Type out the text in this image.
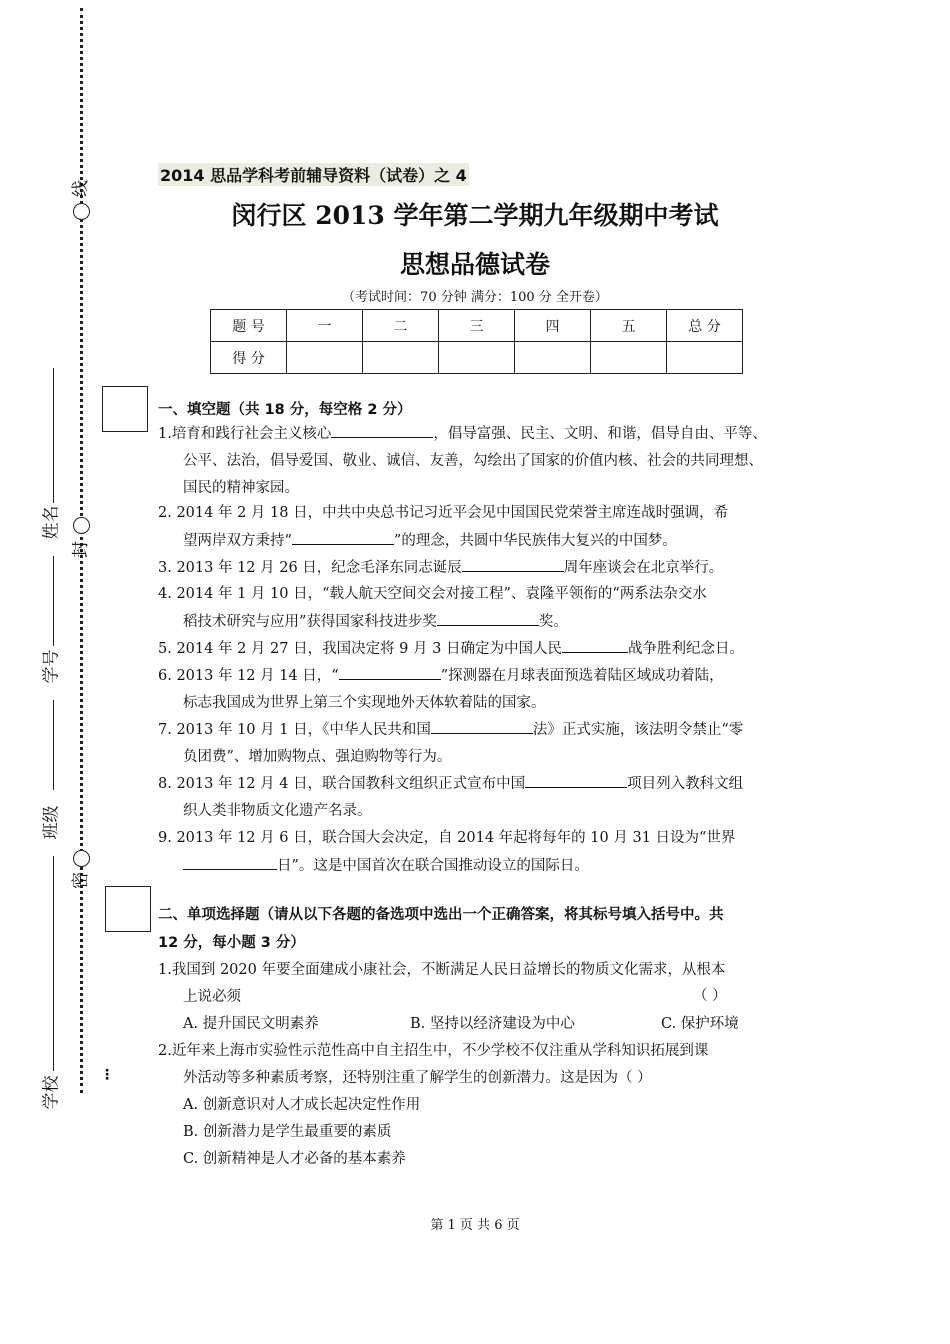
⋮
线
封
密
姓名
学号
班级
学校
2014 思品学科考前辅导资料（试卷）之 4
闵行区 2013 学年第二学期九年级期中考试
思想品德试卷
（考试时间：70 分钟 满分：100 分 全开卷）
题 号	一	二	三	四	五	总 分
得 分						
一、填空题（共 18 分，每空格 2 分）
1.培育和践行社会主义核心	，倡导富强、民主、文明、和谐，倡导自由、平等、
公平、法治，倡导爱国、敬业、诚信、友善，勾绘出了国家的价值内核、社会的共同理想、
国民的精神家园。
2. 2014 年 2 月 18 日，中共中央总书记习近平会见中国国民党荣誉主席连战时强调，希
望两岸双方秉持“	”的理念，共圆中华民族伟大复兴的中国梦。
3. 2013 年 12 月 26 日，纪念毛泽东同志诞辰	周年座谈会在北京举行。
4. 2014 年 1 月 10 日，“载人航天空间交会对接工程”、袁隆平领衔的“两系法杂交水
稻技术研究与应用”获得国家科技进步奖	奖。
5. 2014 年 2 月 27 日，我国决定将 9 月 3 日确定为中国人民	战争胜利纪念日。
6. 2013 年 12 月 14 日，“	”探测器在月球表面预选着陆区域成功着陆，
标志我国成为世界上第三个实现地外天体软着陆的国家。
7. 2013 年 10 月 1 日，《中华人民共和国	法》正式实施，该法明令禁止“零
负团费”、增加购物点、强迫购物等行为。
8. 2013 年 12 月 4 日，联合国教科文组织正式宣布中国	项目列入教科文组
织人类非物质文化遗产名录。
9. 2013 年 12 月 6 日，联合国大会决定，自 2014 年起将每年的 10 月 31 日设为“世界
日”。这是中国首次在联合国推动设立的国际日。
二、单项选择题（请从以下各题的备选项中选出一个正确答案，将其标号填入括号中。共
12 分，每小题 3 分）
1.我国到 2020 年要全面建成小康社会，不断满足人民日益增长的物质文化需求，从根本
上说必须
A. 提升国民文明素养	B. 坚持以经济建设为中心	C. 保护环境
（ ）
2.近年来上海市实验性示范性高中自主招生中，不少学校不仅注重从学科知识拓展到课
外活动等多种素质考察，还特别注重了解学生的创新潜力。这是因为（ ）
A. 创新意识对人才成长起决定性作用
B. 创新潜力是学生最重要的素质
C. 创新精神是人才必备的基本素养
第 1 页 共 6 页
